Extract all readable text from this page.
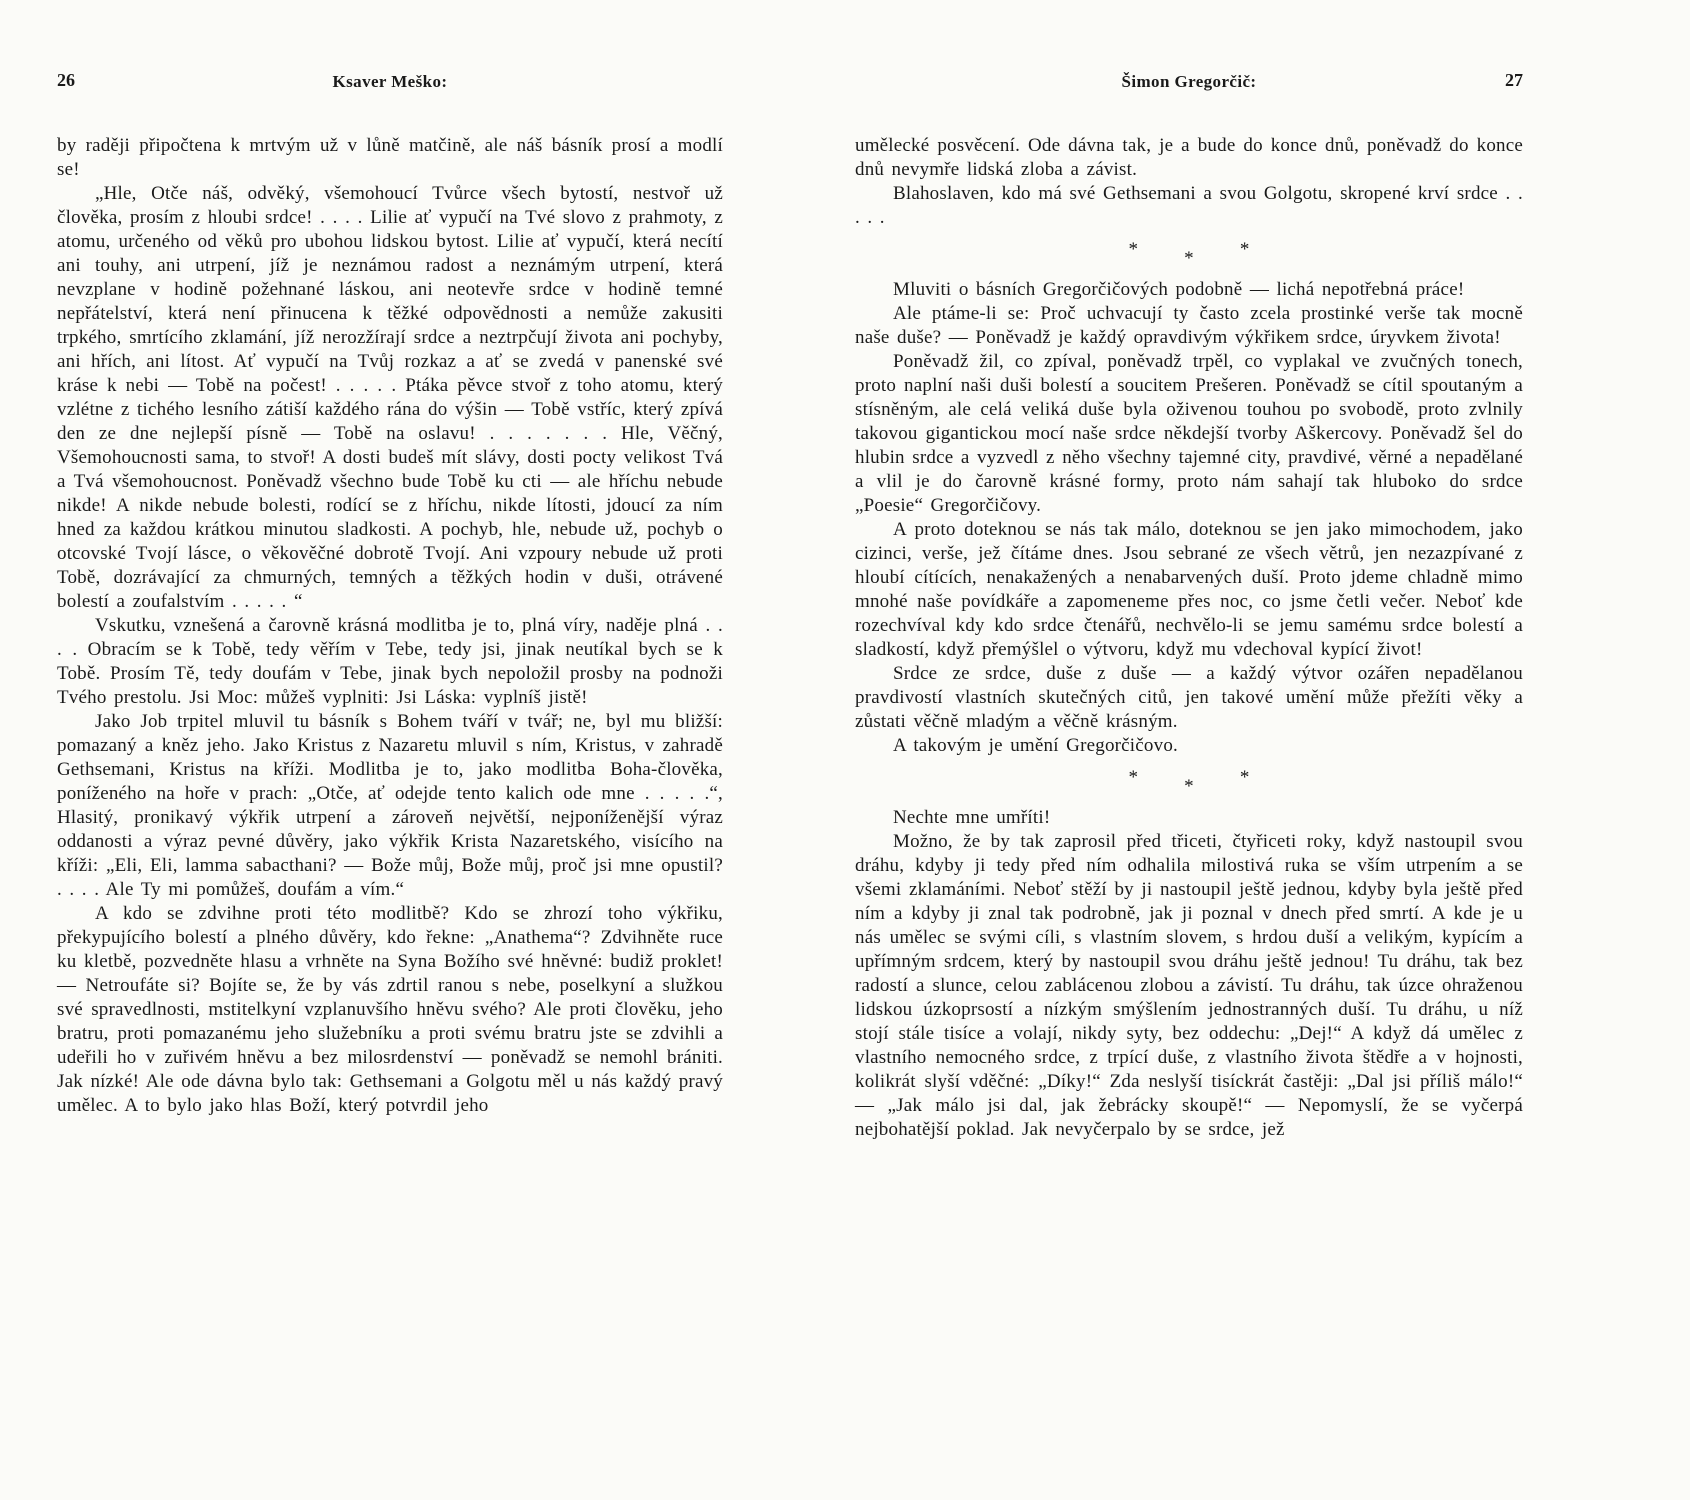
26	Ksaver Meško:

by raději připočtena k mrtvým už v lůně matčině, ale náš básník prosí a modlí se!

„Hle, Otče náš, odvěký, všemohoucí Tvůrce všech bytostí, nestvoř už člověka, prosím z hloubi srdce! . . . . Lilie ať vypučí na Tvé slovo z prahmoty, z atomu, určeného od věků pro ubohou lidskou bytost. Lilie ať vypučí, která necítí ani touhy, ani utrpení, jíž je neznámou radost a neznámým utrpení, která nevzplane v hodině požehnané láskou, ani neotevře srdce v hodině temné nepřátelství, která není přinucena k těžké odpovědnosti a nemůže zakusiti trpkého, smrtícího zklamání, jíž nerozžírají srdce a neztrpčují života ani pochyby, ani hřích, ani lítost. Ať vypučí na Tvůj rozkaz a ať se zvedá v panenské své kráse k nebi — Tobě na počest! . . . . . Ptáka pěvce stvoř z toho atomu, který vzlétne z tichého lesního zátiší každého rána do výšin — Tobě vstříc, který zpívá den ze dne nejlepší písně — Tobě na oslavu! . . . . . . . Hle, Věčný, Všemohoucnosti sama, to stvoř! A dosti budeš mít slávy, dosti pocty velikost Tvá a Tvá všemohoucnost. Poněvadž všechno bude Tobě ku cti — ale hříchu nebude nikde! A nikde nebude bolesti, rodící se z hříchu, nikde lítosti, jdoucí za ním hned za každou krátkou minutou sladkosti. A pochyb, hle, nebude už, pochyb o otcovské Tvojí lásce, o věkověčné dobrotě Tvojí. Ani vzpoury nebude už proti Tobě, dozrávající za chmurných, temných a těžkých hodin v duši, otrávené bolestí a zoufalstvím . . . . . “

Vskutku, vznešená a čarovně krásná modlitba je to, plná víry, naděje plná . . . . Obracím se k Tobě, tedy věřím v Tebe, tedy jsi, jinak neutíkal bych se k Tobě. Prosím Tě, tedy doufám v Tebe, jinak bych nepoložil prosby na podnoži Tvého prestolu. Jsi Moc: můžeš vyplniti: Jsi Láska: vyplníš jistě!

Jako Job trpitel mluvil tu básník s Bohem tváří v tvář; ne, byl mu bližší: pomazaný a kněz jeho. Jako Kristus z Nazaretu mluvil s ním, Kristus, v zahradě Gethsemani, Kristus na kříži. Modlitba je to, jako modlitba Boha-člověka, poníženého na hoře v prach: „Otče, ať odejde tento kalich ode mne . . . . .“, Hlasitý, pronikavý výkřik utrpení a zároveň největší, nejponíženější výraz oddanosti a výraz pevné důvěry, jako výkřik Krista Nazaretského, visícího na kříži: „Eli, Eli, lamma sabacthani? — Bože můj, Bože můj, proč jsi mne opustil? . . . . Ale Ty mi pomůžeš, doufám a vím.“

A kdo se zdvihne proti této modlitbě? Kdo se zhrozí toho výkřiku, překypujícího bolestí a plného důvěry, kdo řekne: „Anathema“? Zdvihněte ruce ku kletbě, pozvedněte hlasu a vrhněte na Syna Božího své hněvné: budiž proklet! — Netroufáte si? Bojíte se, že by vás zdrtil ranou s nebe, poselkyní a služkou své spravedlnosti, mstitelkyní vzplanuvšího hněvu svého? Ale proti člověku, jeho bratru, proti pomazanému jeho služebníku a proti svému bratru jste se zdvihli a udeřili ho v zuřivém hněvu a bez milosrdenství — poněvadž se nemohl brániti. Jak nízké! Ale ode dávna bylo tak: Gethsemani a Golgotu měl u nás každý pravý umělec. A to bylo jako hlas Boží, který potvrdil jeho

Šimon Gregorčič:	27

umělecké posvěcení. Ode dávna tak, je a bude do konce dnů, poněvadž do konce dnů nevymře lidská zloba a závist.

Blahoslaven, kdo má své Gethsemani a svou Golgotu, skropené krví srdce . . . . .

* * *

Mluviti o básních Gregorčičových podobně — lichá nepotřebná práce!

Ale ptáme-li se: Proč uchvacují ty často zcela prostinké verše tak mocně naše duše? — Poněvadž je každý opravdivým výkřikem srdce, úryvkem života!

Poněvadž žil, co zpíval, poněvadž trpěl, co vyplakal ve zvučných tonech, proto naplní naši duši bolestí a soucitem Prešeren. Poněvadž se cítil spoutaným a stísněným, ale celá veliká duše byla oživenou touhou po svobodě, proto zvlnily takovou gigantickou mocí naše srdce někdejší tvorby Aškercovy. Poněvadž šel do hlubin srdce a vyzvedl z něho všechny tajemné city, pravdivé, věrné a nepadělané a vlil je do čarovně krásné formy, proto nám sahají tak hluboko do srdce „Poesie“ Gregorčičovy.

A proto doteknou se nás tak málo, doteknou se jen jako mimochodem, jako cizinci, verše, jež čítáme dnes. Jsou sebrané ze všech větrů, jen nezazpívané z hloubí cítících, nenakažených a nenabarvených duší. Proto jdeme chladně mimo mnohé naše povídkáře a zapomeneme přes noc, co jsme četli večer. Neboť kde rozechvíval kdy kdo srdce čtenářů, nechvělo-li se jemu samému srdce bolestí a sladkostí, když přemýšlel o výtvoru, když mu vdechoval kypící život!

Srdce ze srdce, duše z duše — a každý výtvor ozářen nepadělanou pravdivostí vlastních skutečných citů, jen takové umění může přežíti věky a zůstati věčně mladým a věčně krásným.

A takovým je umění Gregorčičovo.

* * *

Nechte mne umříti!

Možno, že by tak zaprosil před třiceti, čtyřiceti roky, když nastoupil svou dráhu, kdyby ji tedy před ním odhalila milostivá ruka se vším utrpením a se všemi zklamáními. Neboť stěží by ji nastoupil ještě jednou, kdyby byla ještě před ním a kdyby ji znal tak podrobně, jak ji poznal v dnech před smrtí. A kde je u nás umělec se svými cíli, s vlastním slovem, s hrdou duší a velikým, kypícím a upřímným srdcem, který by nastoupil svou dráhu ještě jednou! Tu dráhu, tak bez radostí a slunce, celou zablácenou zlobou a závistí. Tu dráhu, tak úzce ohraženou lidskou úzkoprsostí a nízkým smýšlením jednostranných duší. Tu dráhu, u níž stojí stále tisíce a volají, nikdy syty, bez oddechu: „Dej!“ A když dá umělec z vlastního nemocného srdce, z trpící duše, z vlastního života štědře a v hojnosti, kolikrát slyší vděčné: „Díky!“ Zda neslyší tisíckrát častěji: „Dal jsi příliš málo!“ — „Jak málo jsi dal, jak žebrácky skoupě!“ — Nepomyslí, že se vyčerpá nejbohatější poklad. Jak nevyčerpalo by se srdce, jež
